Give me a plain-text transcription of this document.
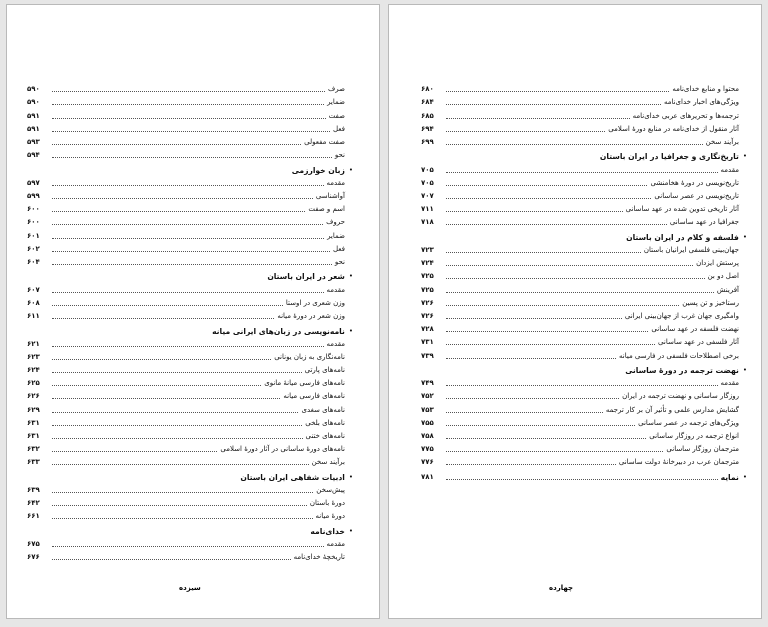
صرف
۵۹۰
ضمایر
۵۹۰
صفت
۵۹۱
فعل
۵۹۱
صفت مفعولی
۵۹۳
نحو
۵۹۴
•
زبان خوارزمی
مقدمه
۵۹۷
آواشناسی
۵۹۹
اسم و صفت
۶۰۰
حروف
۶۰۰
ضمایر
۶۰۱
فعل
۶۰۲
نحو
۶۰۴
•
شعر در ایران باستان
مقدمه
۶۰۷
وزن شعری در اوستا
۶۰۸
وزن شعر در دورهٔ میانه
۶۱۱
•
نامه‌نویسی در زبان‌های ایرانی میانه
مقدمه
۶۲۱
نامه‌نگاری به زبان یونانی
۶۲۳
نامه‌های پارتی
۶۲۴
نامه‌های فارسی میانهٔ مانوی
۶۲۵
نامه‌های فارسی میانه
۶۲۶
نامه‌های سغدی
۶۲۹
نامه‌های بلخی
۶۳۱
نامه‌های ختنی
۶۳۱
نامه‌های دورهٔ ساسانی در آثار دورهٔ اسلامی
۶۳۲
برآیند سخن
۶۳۳
•
ادبیات شفاهی ایران باستان
پیش‌سخن
۶۳۹
دورهٔ باستان
۶۴۲
دورهٔ میانه
۶۶۱
•
خدای‌نامه
مقدمه
۶۷۵
تاریخچهٔ خدای‌نامه
۶۷۶
سیزده
محتوا و منابع خدای‌نامه
۶۸۰
ویژگی‌های اخبار خدای‌نامه
۶۸۴
ترجمه‌ها و تحریرهای عربی خدای‌نامه
۶۸۵
آثار منقول از خدای‌نامه در منابع دورهٔ اسلامی
۶۹۴
برآیند سخن
۶۹۹
•
تاریخ‌نگاری و جغرافیا در ایران باستان
مقدمه
۷۰۵
تاریخ‌نویسی در دورهٔ هخامنشی
۷۰۵
تاریخ‌نویسی در عصر ساسانی
۷۰۷
آثار تاریخی تدوین شده در عهد ساسانی
۷۱۱
جغرافیا در عهد ساسانی
۷۱۸
•
فلسفه و کلام در ایران باستان
جهان‌بینی فلسفی ایرانیان باستان
۷۲۳
پرستش ایزدان
۷۲۴
اصل دو بن
۷۲۵
آفرینش
۷۲۵
رستاخیز و تن پسین
۷۲۶
وامگیری جهان غرب از جهان‌بینی ایرانی
۷۲۶
نهضت فلسفه در عهد ساسانی
۷۲۸
آثار فلسفی در عهد ساسانی
۷۳۱
برخی اصطلاحات فلسفی در فارسی میانه
۷۳۹
•
نهضت ترجمه در دورهٔ ساسانی
مقدمه
۷۴۹
روزگار ساسانی و نهضت ترجمه در ایران
۷۵۲
گشایش مدارس علمی و تأثیر آن بر کار ترجمه
۷۵۳
ویژگی‌های ترجمه در عصر ساسانی
۷۵۵
انواع ترجمه در روزگار ساسانی
۷۵۸
مترجمان روزگار ساسانی
۷۷۵
مترجمان عرب در دبیرخانهٔ دولت ساسانی
۷۷۶
•
نمایه
۷۸۱
چهارده
